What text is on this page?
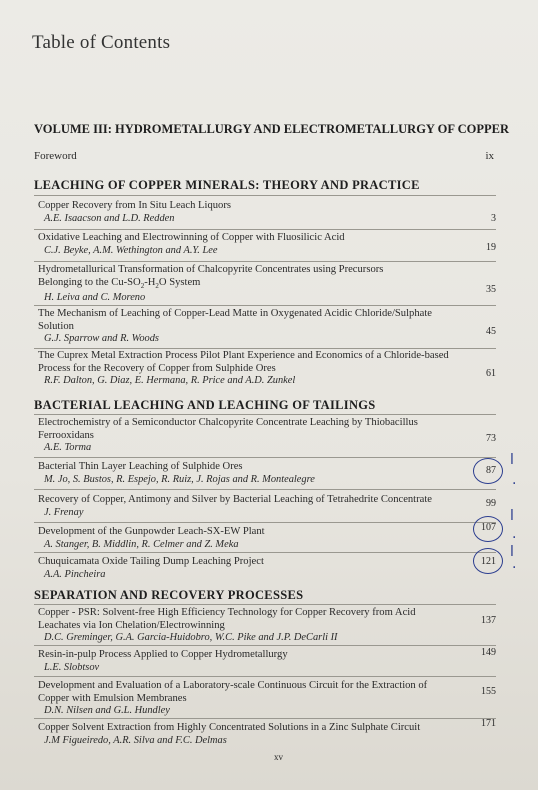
Table of Contents
VOLUME III: HYDROMETALLURGY AND ELECTROMETALLURGY OF COPPER
Foreword	ix
LEACHING OF COPPER MINERALS: THEORY AND PRACTICE
Copper Recovery from In Situ Leach Liquors
A.E. Isaacson and L.D. Redden	3
Oxidative Leaching and Electrowinning of Copper with Fluosilicic Acid
C.J. Beyke, A.M. Wethington and A.Y. Lee	19
Hydrometallurical Transformation of Chalcopyrite Concentrates using Precursors
Belonging to the $Cu-SO_2-H_2O$ System
H. Leiva and C. Moreno
35
The Mechanism of Leaching of Copper-Lead Matte in Oxygenated Acidic Chloride/Sulphate Solution
G.J. Sparrow and R. Woods
45
The Cuprex Metal Extraction Process Pilot Plant Experience and Economics of a Chloride-based Process for the Recovery of Copper from Sulphide Ores
R.F. Dalton, G. Diaz, E. Hermana, R. Price and A.D. Zunkel
61
BACTERIAL LEACHING AND LEACHING OF TAILINGS
Electrochemistry of a Semiconductor Chalcopyrite Concentrate Leaching by Thiobacillus Ferrooxidans
A.E. Torma
73
Bacterial Thin Layer Leaching of Sulphide Ores
M. Jo, S. Bustos, R. Espejo, R. Ruiz, J. Rojas and R. Montealegre
87
ⅼ
·
Recovery of Copper, Antimony and Silver by Bacterial Leaching of Tetrahedrite Concentrate
J. Frenay
99
Development of the Gunpowder Leach-SX-EW Plant
A. Stanger, B. Middlin, R. Celmer and Z. Meka
107
ⅼ
·
Chuquicamata Oxide Tailing Dump Leaching Project
A.A. Pincheira
121
ⅼ
·
SEPARATION AND RECOVERY PROCESSES
Copper - PSR: Solvent-free High Efficiency Technology for Copper Recovery from Acid Leachates via Ion Chelation/Electrowinning
D.C. Greminger, G.A. Garcia-Huidobro, W.C. Pike and J.P. DeCarli II
137
Resin-in-pulp Process Applied to Copper Hydrometallurgy
L.E. Slobtsov
149
Development and Evaluation of a Laboratory-scale Continuous Circuit for the Extraction of Copper with Emulsion Membranes
D.N. Nilsen and G.L. Hundley
155
Copper Solvent Extraction from Highly Concentrated Solutions in a Zinc Sulphate Circuit
J.M Figueiredo, A.R. Silva and F.C. Delmas
171
xv
